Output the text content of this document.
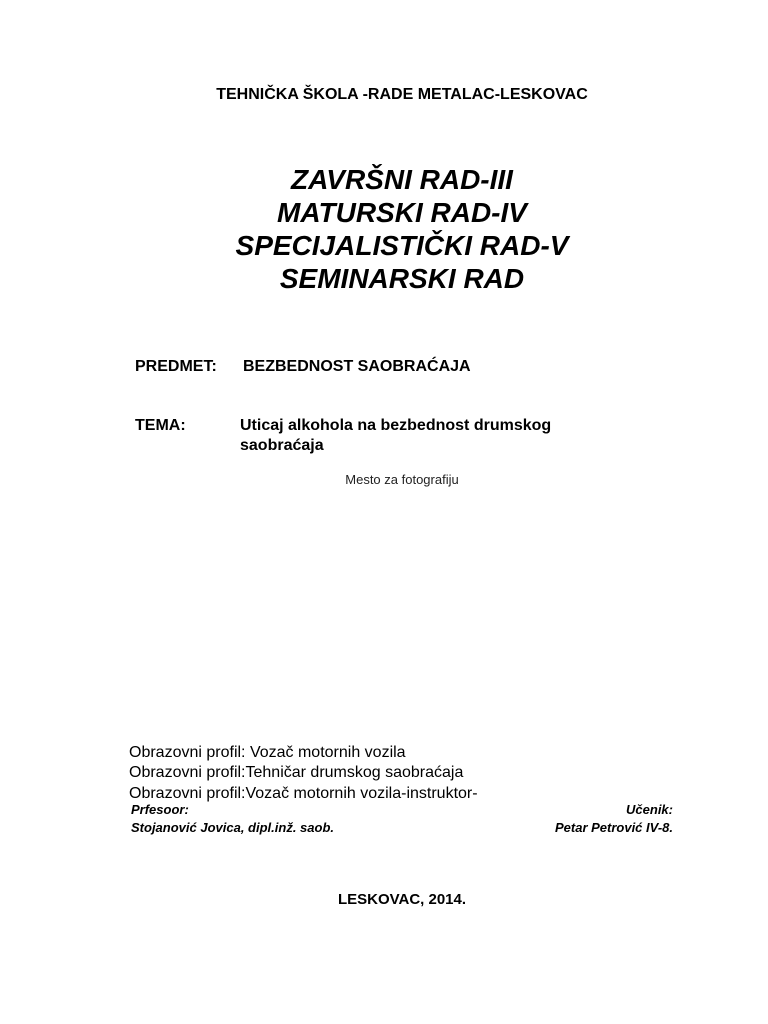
TEHNIČKA ŠKOLA -RADE METALAC-LESKOVAC
ZAVRŠNI RAD-III
MATURSKI RAD-IV
SPECIJALISTIČKI RAD-V
SEMINARSKI RAD
PREDMET: BEZBEDNOST SAOBRAĆAJA
TEMA:	Uticaj alkohola na bezbednost drumskog
saobraćaja
Mesto za fotografiju
Obrazovni profil: Vozač motornih vozila
Obrazovni profil:Tehničar drumskog saobraćaja
Obrazovni profil:Vozač motornih vozila-instruktor-
Prfesoor:
Stojanović Jovica, dipl.inž. saob.
Učenik:
Petar Petrović IV-8.
LESKOVAC, 2014.
